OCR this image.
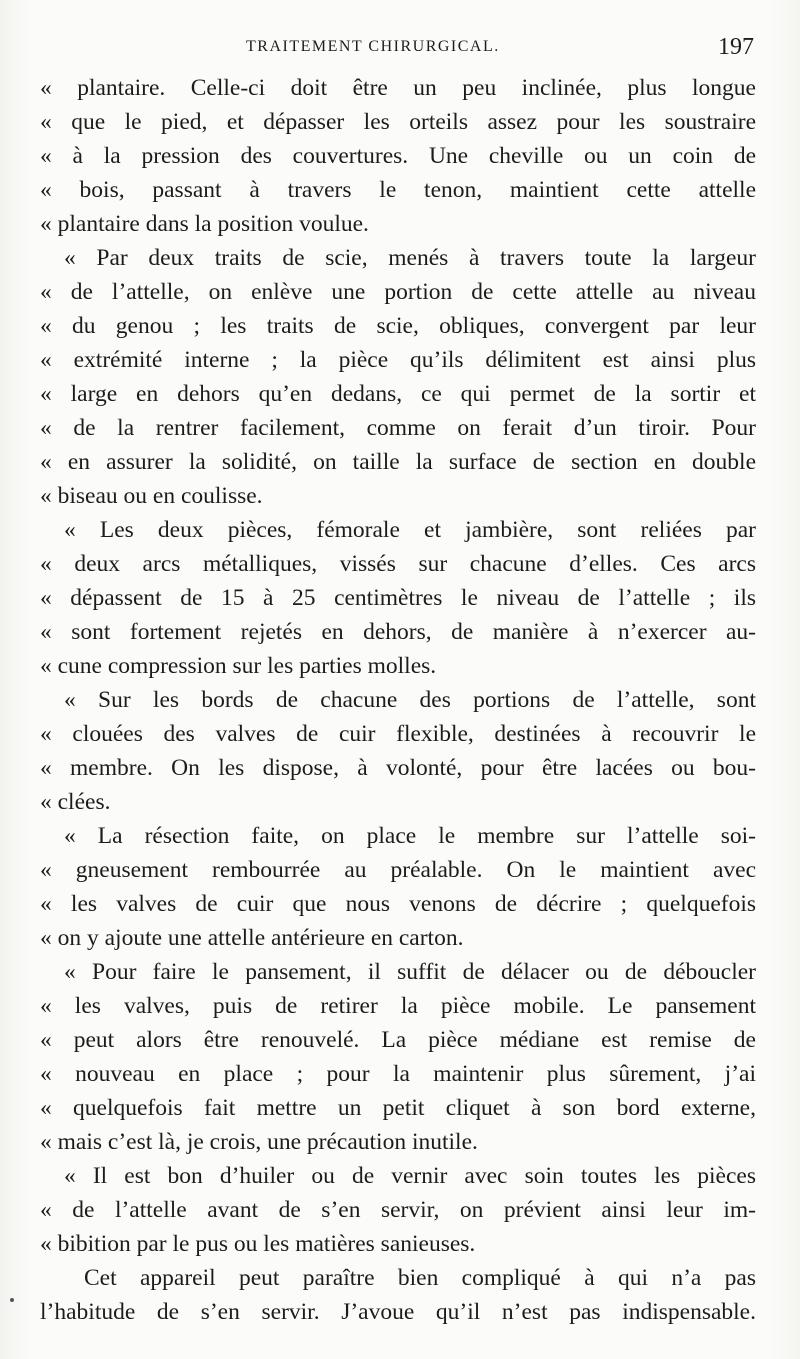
TRAITEMENT CHIRURGICAL.	197
« plantaire. Celle-ci doit être un peu inclinée, plus longue
« que le pied, et dépasser les orteils assez pour les soustraire
« à la pression des couvertures. Une cheville ou un coin de
« bois, passant à travers le tenon, maintient cette attelle
« plantaire dans la position voulue.
« Par deux traits de scie, menés à travers toute la largeur
« de l’attelle, on enlève une portion de cette attelle au niveau
« du genou ; les traits de scie, obliques, convergent par leur
« extrémité interne ; la pièce qu’ils délimitent est ainsi plus
« large en dehors qu’en dedans, ce qui permet de la sortir et
« de la rentrer facilement, comme on ferait d’un tiroir. Pour
« en assurer la solidité, on taille la surface de section en double
« biseau ou en coulisse.
« Les deux pièces, fémorale et jambière, sont reliées par
« deux arcs métalliques, vissés sur chacune d’elles. Ces arcs
« dépassent de 15 à 25 centimètres le niveau de l’attelle ; ils
« sont fortement rejetés en dehors, de manière à n’exercer au-
« cune compression sur les parties molles.
« Sur les bords de chacune des portions de l’attelle, sont
« clouées des valves de cuir flexible, destinées à recouvrir le
« membre. On les dispose, à volonté, pour être lacées ou bou-
« clées.
« La résection faite, on place le membre sur l’attelle soi-
« gneusement rembourrée au préalable. On le maintient avec
« les valves de cuir que nous venons de décrire ; quelquefois
« on y ajoute une attelle antérieure en carton.
« Pour faire le pansement, il suffit de délacer ou de déboucler
« les valves, puis de retirer la pièce mobile. Le pansement
« peut alors être renouvelé. La pièce médiane est remise de
« nouveau en place ; pour la maintenir plus sûrement, j’ai
« quelquefois fait mettre un petit cliquet à son bord externe,
« mais c’est là, je crois, une précaution inutile.
« Il est bon d’huiler ou de vernir avec soin toutes les pièces
« de l’attelle avant de s’en servir, on prévient ainsi leur im-
« bibition par le pus ou les matières sanieuses.
Cet appareil peut paraître bien compliqué à qui n’a pas
l’habitude de s’en servir. J’avoue qu’il n’est pas indispensable.
